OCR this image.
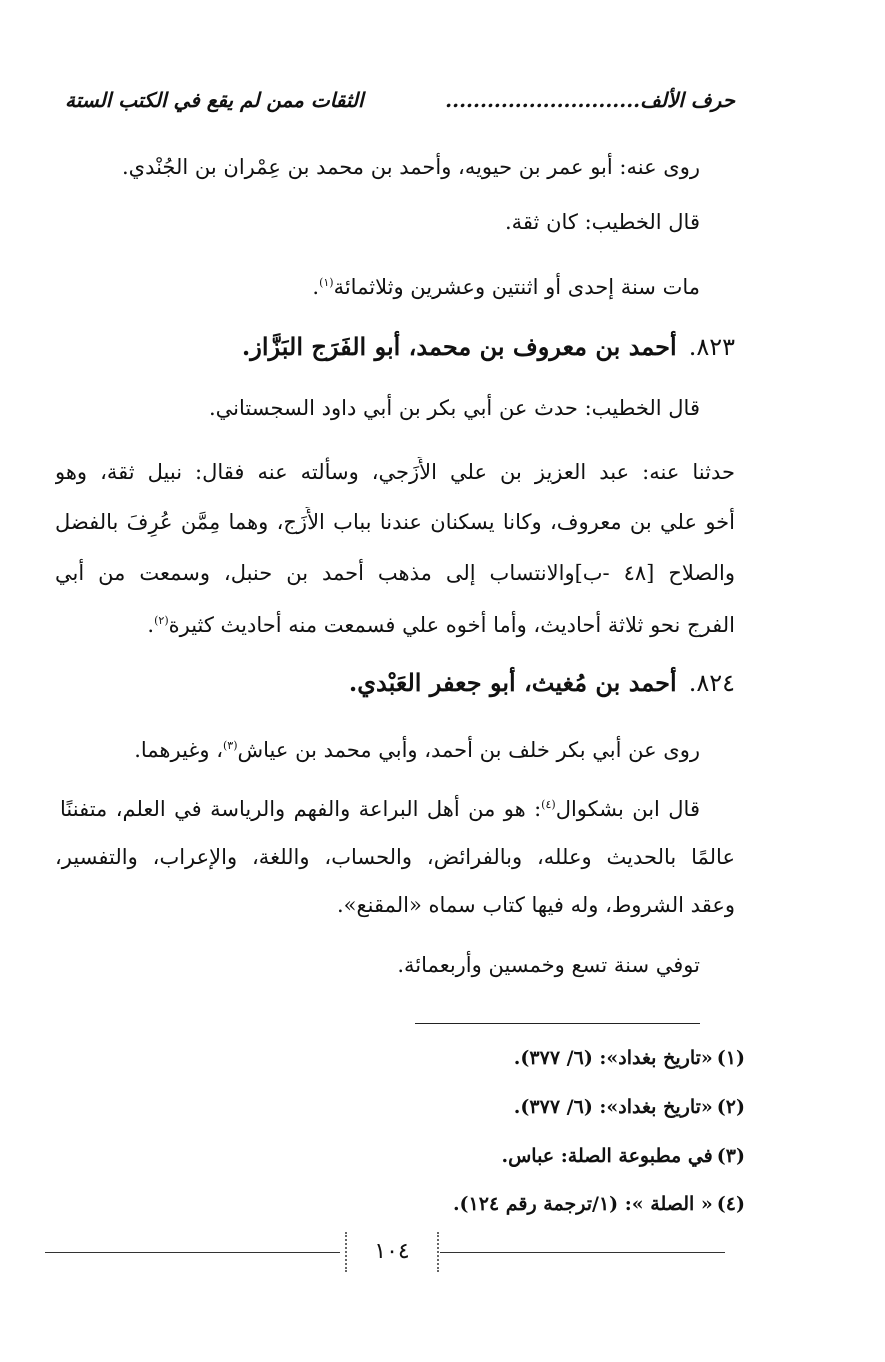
حرف الألف............................
الثقات ممن لم يقع في الكتب الستة
روى عنه: أبو عمر بن حيويه، وأحمد بن محمد بن عِمْران بن الجُنْدي.
قال الخطيب: كان ثقة.
مات سنة إحدى أو اثنتين وعشرين وثلاثمائة$^{(١)}$.
٨٢٣.أحمد بن معروف بن محمد، أبو الفَرَج البَزَّاز.
قال الخطيب: حدث عن أبي بكر بن أبي داود السجستاني.
حدثنا عنه: عبد العزيز بن علي الأَزَجي، وسألته عنه فقال: نبيل ثقة، وهو
أخو علي بن معروف، وكانا يسكنان عندنا بباب الأَزَج، وهما مِمَّن عُرِفَ بالفضل
والصلاح [٤٨ -ب]والانتساب إلى مذهب أحمد بن حنبل، وسمعت من أبي
الفرج نحو ثلاثة أحاديث، وأما أخوه علي فسمعت منه أحاديث كثيرة$^{(٢)}$.
٨٢٤.أحمد بن مُغيث، أبو جعفر العَبْدي.
روى عن أبي بكر خلف بن أحمد، وأبي محمد بن عياش$^{(٣)}$، وغيرهما.
قال ابن بشكوال$^{(٤)}$: هو من أهل البراعة والفهم والرياسة في العلم، متفننًا
عالمًا بالحديث وعلله، وبالفرائض، والحساب، واللغة، والإعراب، والتفسير،
وعقد الشروط، وله فيها كتاب سماه «المقنع».
توفي سنة تسع وخمسين وأربعمائة.
(١)«تاريخ بغداد»: (٦/ ٣٧٧).
(٢)«تاريخ بغداد»: (٦/ ٣٧٧).
(٣)في مطبوعة الصلة: عباس.
(٤)« الصلة »: (١/ترجمة رقم ١٢٤).
١٠٤
